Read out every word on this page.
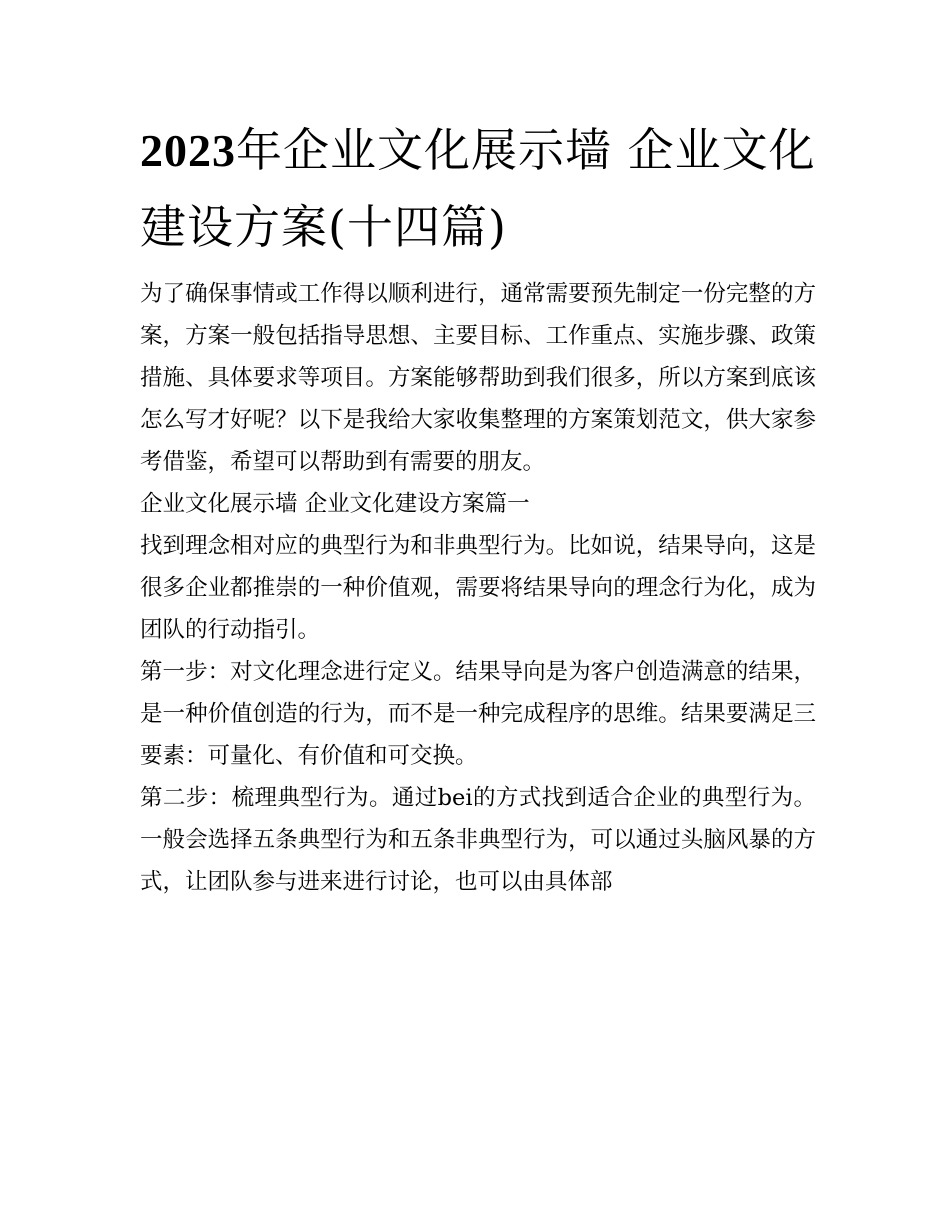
2023年企业文化展示墙 企业文化建设方案(十四篇)

为了确保事情或工作得以顺利进行，通常需要预先制定一份完整的方案，方案一般包括指导思想、主要目标、工作重点、实施步骤、政策措施、具体要求等项目。方案能够帮助到我们很多，所以方案到底该怎么写才好呢？以下是我给大家收集整理的方案策划范文，供大家参考借鉴，希望可以帮助到有需要的朋友。

企业文化展示墙 企业文化建设方案篇一

找到理念相对应的典型行为和非典型行为。比如说，结果导向，这是很多企业都推崇的一种价值观，需要将结果导向的理念行为化，成为团队的行动指引。

第一步：对文化理念进行定义。结果导向是为客户创造满意的结果，是一种价值创造的行为，而不是一种完成程序的思维。结果要满足三要素：可量化、有价值和可交换。

第二步：梳理典型行为。通过bei的方式找到适合企业的典型行为。一般会选择五条典型行为和五条非典型行为，可以通过头脑风暴的方式，让团队参与进来进行讨论，也可以由具体部
